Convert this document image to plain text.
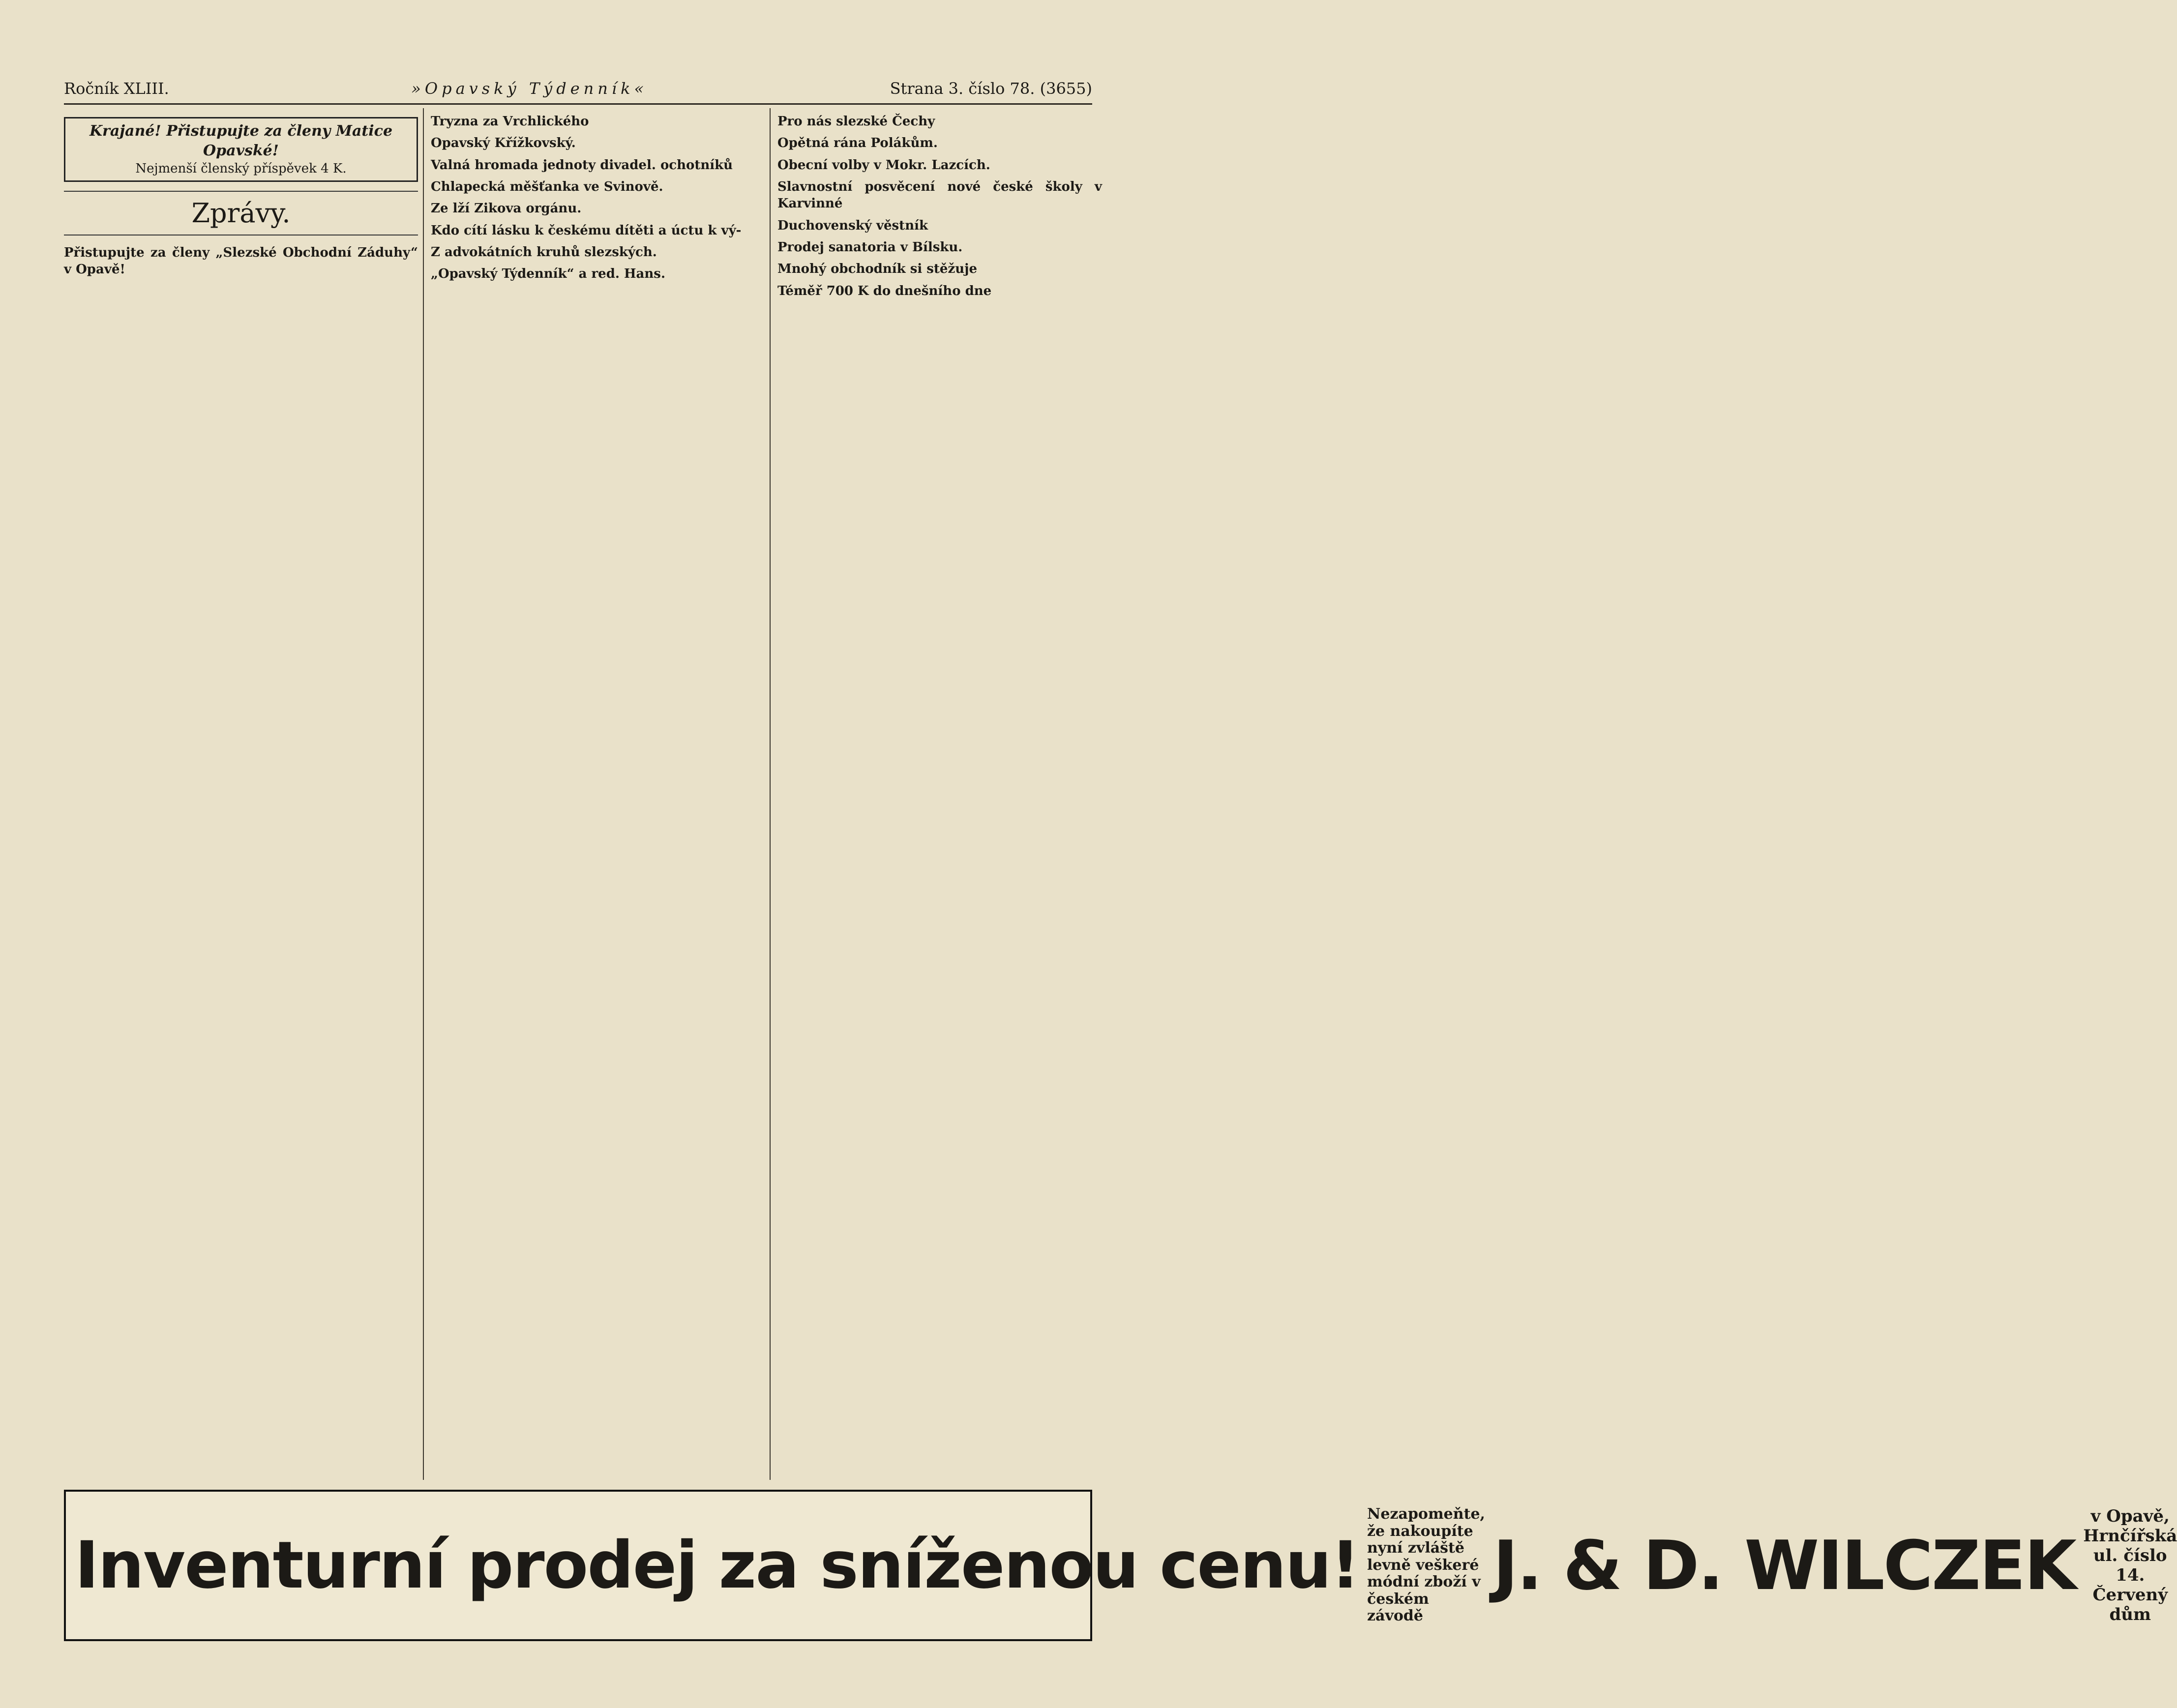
Ročník XLIII.	»Opavský Týdenník«	Strana 3. číslo 78. (3655)
Krajané! Přistupujte za členy Matice Opavské!
Nejmenší členský příspěvek 4 K.
Zprávy.
Přistupujte za členy „Slezské Obchodní Záduhy“ v Opavě!
Tryzna za Vrchlického
Opavský Křížkovský.
Valná hromada jednoty divadel. ochotníků
Chlapecká měšťanka ve Svinově.
Ze lží Zikova orgánu.
Kdo cítí lásku k českému dítěti a úctu k vý-
Z advokátních kruhů slezských.
„Opavský Týdenník“ a red. Hans.
Pro nás slezské Čechy
Opětná rána Polákům.
Obecní volby v Mokr. Lazcích.
Slavnostní posvěcení nové české školy v Karvinné
Duchovenský věstník
Prodej sanatoria v Bílsku.
Mnohý obchodník si stěžuje
Téměř 700 K do dnešního dne
Inventurní prodej za sníženou cenu!
Nezapomeňte, že nakoupíte nyní zvláště levně veškeré módní zboží v českém závodě
J. & D. WILCZEK
v Opavě, Hrnčířská ul. číslo 14. Červený dům
